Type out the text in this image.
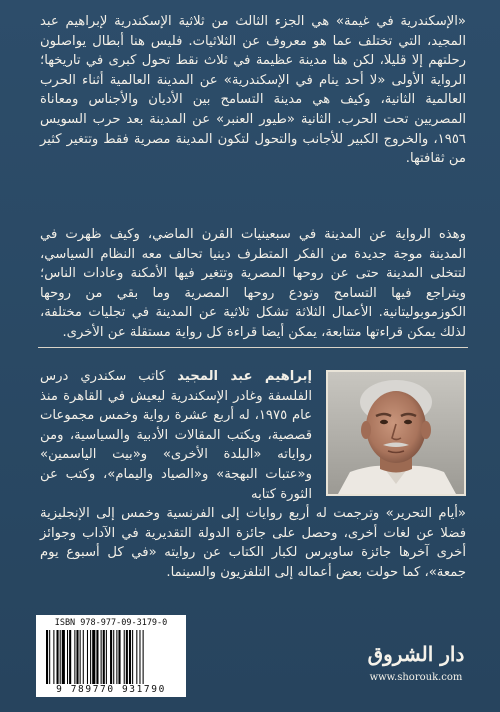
«الإسكندرية في غيمة» هي الجزء الثالث من ثلاثية الإسكندرية لإبراهيم عبد المجيد، التي تختلف عما هو معروف عن الثلاثيات. فليس هنا أبطال يواصلون رحلتهم إلا قليلا، لكن هنا مدينة عظيمة في ثلاث نقط تحول كبرى في تاريخها؛ الرواية الأولى «لا أحد ينام في الإسكندرية» عن المدينة العالمية أثناء الحرب العالمية الثانية، وكيف هي مدينة التسامح بين الأديان والأجناس ومعاناة المصريين تحت الحرب. الثانية «طيور العنبر» عن المدينة بعد حرب السويس ١٩٥٦، والخروج الكبير للأجانب والتحول لتكون المدينة مصرية فقط وتتغير كثير من ثقافتها.

وهذه الرواية عن المدينة في سبعينيات القرن الماضي، وكيف ظهرت في المدينة موجة جديدة من الفكر المتطرف دينيا تحالف معه النظام السياسي، لتتخلى المدينة حتى عن روحها المصرية وتتغير فيها الأمكنة وعادات الناس؛ ويتراجع فيها التسامح وتودع روحها المصرية وما بقي من روحها الكوزموبوليتانية. الأعمال الثلاثة تشكل ثلاثية عن المدينة في تجليات مختلفة، لذلك يمكن قراءتها متتابعة، يمكن أيضا قراءة كل رواية مستقلة عن الأخرى.

إبراهيم عبد المجيد كاتب سكندري درس الفلسفة وغادر الإسكندرية ليعيش في القاهرة منذ عام ١٩٧٥، له أربع عشرة رواية وخمس مجموعات قصصية، ويكتب المقالات الأدبية والسياسية، ومن رواياته «البلدة الأخرى» و«بيت الياسمين» و«عتبات البهجة» و«الصياد واليمام»، وكتب عن الثورة كتابه

«أيام التحرير» وترجمت له أربع روايات إلى الفرنسية وخمس إلى الإنجليزية فضلا عن لغات أخرى، وحصل على جائزة الدولة التقديرية في الآداب وجوائز أخرى آخرها جائزة ساويرس لكبار الكتاب عن روايته «في كل أسبوع يوم جمعة»، كما حولت بعض أعماله إلى التلفزيون والسينما.

ISBN 978-977-09-3179-0
9 789770 931790
دار الشروق
www.shorouk.com
